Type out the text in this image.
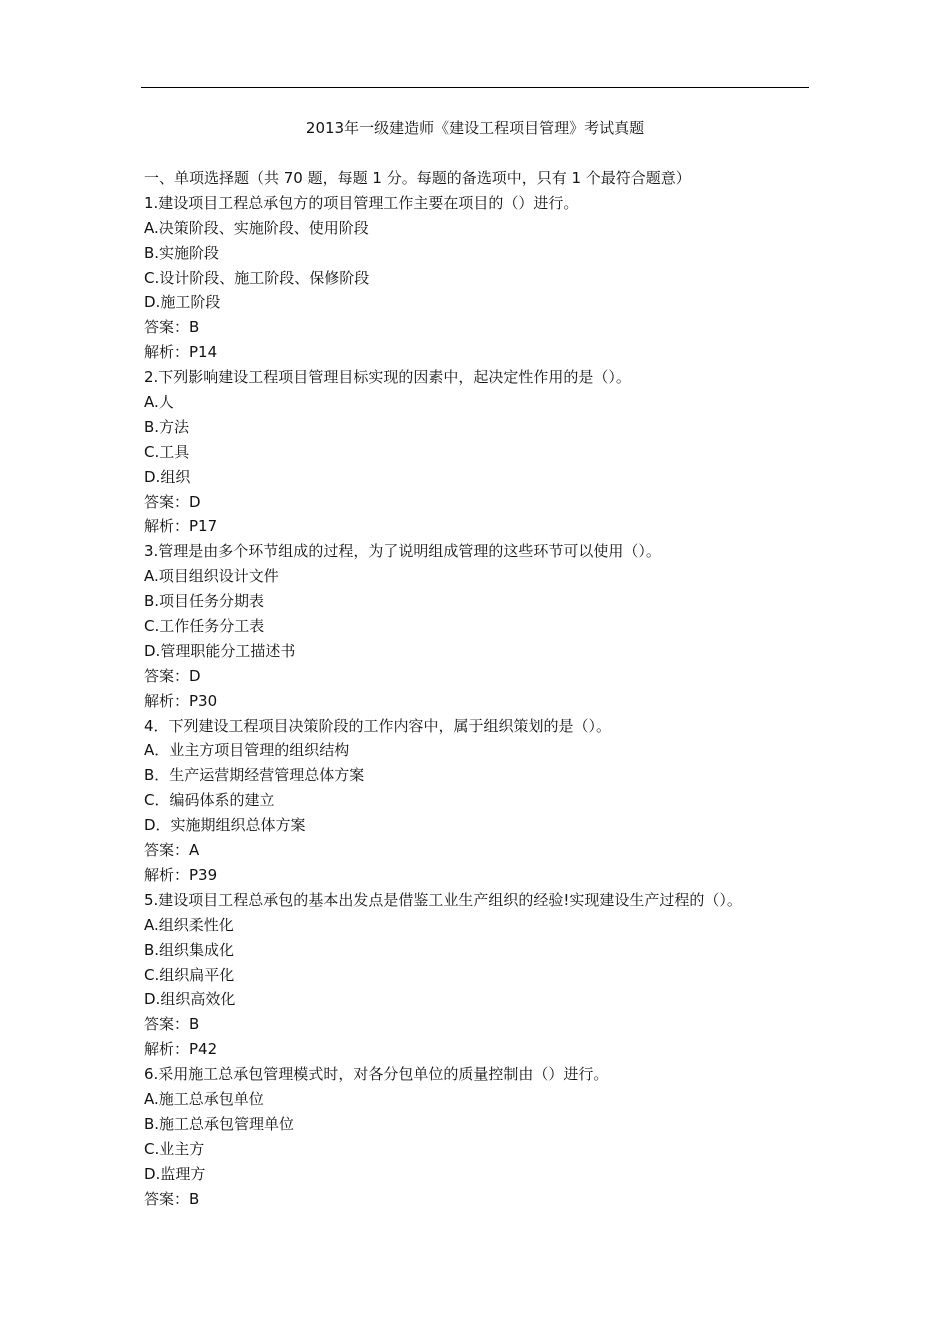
2013年一级建造师《建设工程项目管理》考试真题
一、单项选择题（共 70 题，每题 1 分。每题的备选项中，只有 1 个最符合题意）
1.建设项目工程总承包方的项目管理工作主要在项目的（）进行。
A.决策阶段、实施阶段、使用阶段
B.实施阶段
C.设计阶段、施工阶段、保修阶段
D.施工阶段
答案：B
解析：P14
2.下列影响建设工程项目管理目标实现的因素中，起决定性作用的是（）。
A.人
B.方法
C.工具
D.组织
答案：D
解析：P17
3.管理是由多个环节组成的过程，为了说明组成管理的这些环节可以使用（）。
A.项目组织设计文件
B.项目任务分期表
C.工作任务分工表
D.管理职能分工描述书
答案：D
解析：P30
4．下列建设工程项目决策阶段的工作内容中，属于组织策划的是（）。
A．业主方项目管理的组织结构
B．生产运营期经营管理总体方案
C．编码体系的建立
D．实施期组织总体方案
答案：A
解析：P39
5.建设项目工程总承包的基本出发点是借鉴工业生产组织的经验!实现建设生产过程的（）。
A.组织柔性化
B.组织集成化
C.组织扁平化
D.组织高效化
答案：B
解析：P42
6.采用施工总承包管理模式时，对各分包单位的质量控制由（）进行。
A.施工总承包单位
B.施工总承包管理单位
C.业主方
D.监理方
答案：B
